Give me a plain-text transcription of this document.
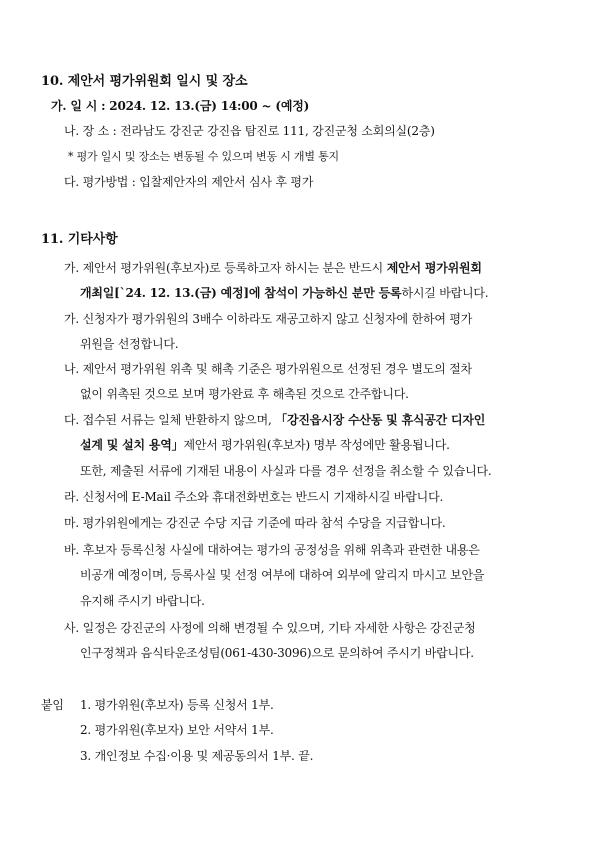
10. 제안서 평가위원회 일시 및 장소
가. 일 시 : 2024. 12. 13.(금) 14:00 ~ (예정)
나. 장 소 : 전라남도 강진군 강진읍 탐진로 111, 강진군청 소회의실(2층)
* 평가 일시 및 장소는 변동될 수 있으며 변동 시 개별 통지
다. 평가방법 : 입찰제안자의 제안서 심사 후 평가
11. 기타사항
가. 제안서 평가위원(후보자)로 등록하고자 하시는 분은 반드시 제안서 평가위원회
개최일[`24. 12. 13.(금) 예정]에 참석이 가능하신 분만 등록하시길 바랍니다.
가. 신청자가 평가위원의 3배수 이하라도 재공고하지 않고 신청자에 한하여 평가
위원을 선정합니다.
나. 제안서 평가위원 위촉 및 해촉 기준은 평가위원으로 선정된 경우 별도의 절차
없이 위촉된 것으로 보며 평가완료 후 해촉된 것으로 간주합니다.
다. 접수된 서류는 일체 반환하지 않으며, 「강진읍시장 수산동 및 휴식공간 디자인
설계 및 설치 용역」제안서 평가위원(후보자) 명부 작성에만 활용됩니다.
또한, 제출된 서류에 기재된 내용이 사실과 다를 경우 선정을 취소할 수 있습니다.
라. 신청서에 E-Mail 주소와 휴대전화번호는 반드시 기재하시길 바랍니다.
마. 평가위원에게는 강진군 수당 지급 기준에 따라 참석 수당을 지급합니다.
바. 후보자 등록신청 사실에 대하여는 평가의 공정성을 위해 위촉과 관련한 내용은
비공개 예정이며, 등록사실 및 선정 여부에 대하여 외부에 알리지 마시고 보안을
유지해 주시기 바랍니다.
사. 일정은 강진군의 사정에 의해 변경될 수 있으며, 기타 자세한 사항은 강진군청
인구정책과 음식타운조성팀(061-430-3096)으로 문의하여 주시기 바랍니다.
붙임 1. 평가위원(후보자) 등록 신청서 1부.
2. 평가위원(후보자) 보안 서약서 1부.
3. 개인정보 수집·이용 및 제공동의서 1부. 끝.
